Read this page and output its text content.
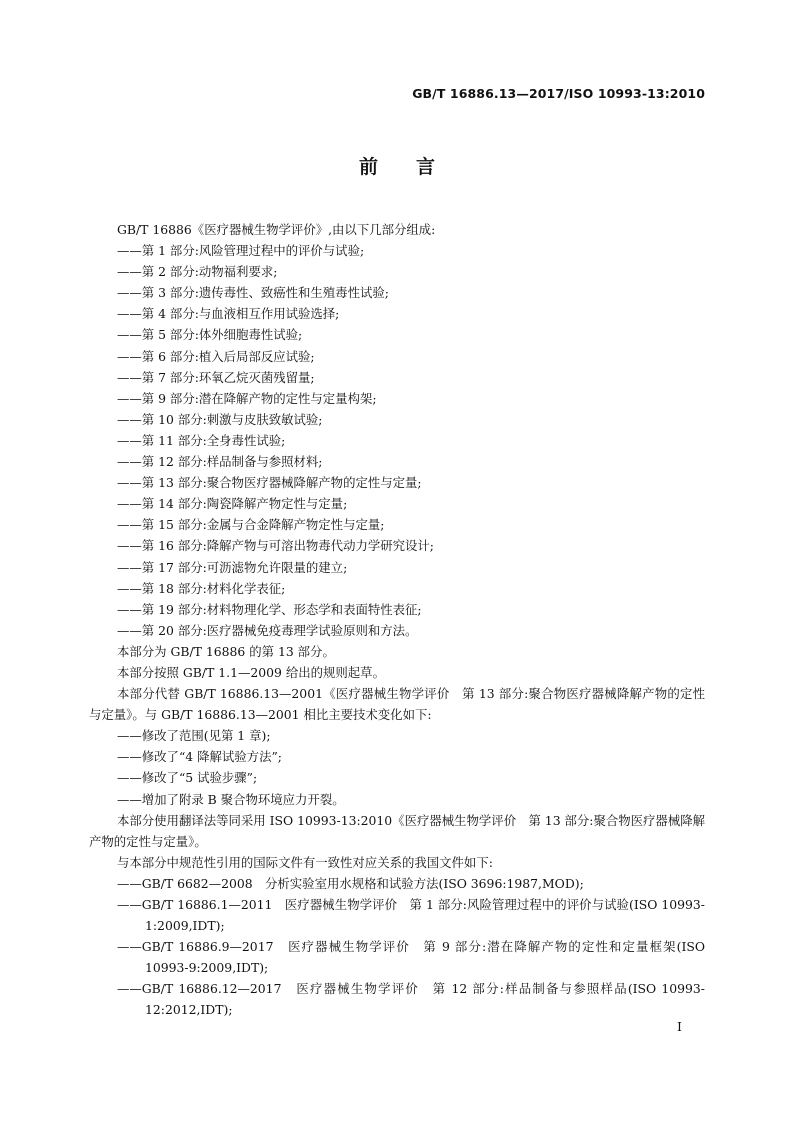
GB/T 16886.13—2017/ISO 10993-13:2010
前言
GB/T 16886《医疗器械生物学评价》,由以下几部分组成:
——第 1 部分:风险管理过程中的评价与试验;
——第 2 部分:动物福利要求;
——第 3 部分:遗传毒性、致癌性和生殖毒性试验;
——第 4 部分:与血液相互作用试验选择;
——第 5 部分:体外细胞毒性试验;
——第 6 部分:植入后局部反应试验;
——第 7 部分:环氧乙烷灭菌残留量;
——第 9 部分:潜在降解产物的定性与定量构架;
——第 10 部分:刺激与皮肤致敏试验;
——第 11 部分:全身毒性试验;
——第 12 部分:样品制备与参照材料;
——第 13 部分:聚合物医疗器械降解产物的定性与定量;
——第 14 部分:陶瓷降解产物定性与定量;
——第 15 部分:金属与合金降解产物定性与定量;
——第 16 部分:降解产物与可溶出物毒代动力学研究设计;
——第 17 部分:可沥滤物允许限量的建立;
——第 18 部分:材料化学表征;
——第 19 部分:材料物理化学、形态学和表面特性表征;
——第 20 部分:医疗器械免疫毒理学试验原则和方法。
本部分为 GB/T 16886 的第 13 部分。
本部分按照 GB/T 1.1—2009 给出的规则起草。
本部分代替 GB/T 16886.13—2001《医疗器械生物学评价　第 13 部分:聚合物医疗器械降解产物的定性与定量》。与 GB/T 16886.13—2001 相比主要技术变化如下:
——修改了范围(见第 1 章);
——修改了“4 降解试验方法”;
——修改了“5 试验步骤”;
——增加了附录 B 聚合物环境应力开裂。
本部分使用翻译法等同采用 ISO 10993-13:2010《医疗器械生物学评价　第 13 部分:聚合物医疗器械降解产物的定性与定量》。
与本部分中规范性引用的国际文件有一致性对应关系的我国文件如下:
——GB/T 6682—2008　分析实验室用水规格和试验方法(ISO 3696:1987,MOD);
——GB/T 16886.1—2011　医疗器械生物学评价　第 1 部分:风险管理过程中的评价与试验(ISO 10993-1:2009,IDT);
——GB/T 16886.9—2017　医疗器械生物学评价　第 9 部分:潜在降解产物的定性和定量框架(ISO 10993-9:2009,IDT);
——GB/T 16886.12—2017　医疗器械生物学评价　第 12 部分:样品制备与参照样品(ISO 10993-12:2012,IDT);
I
